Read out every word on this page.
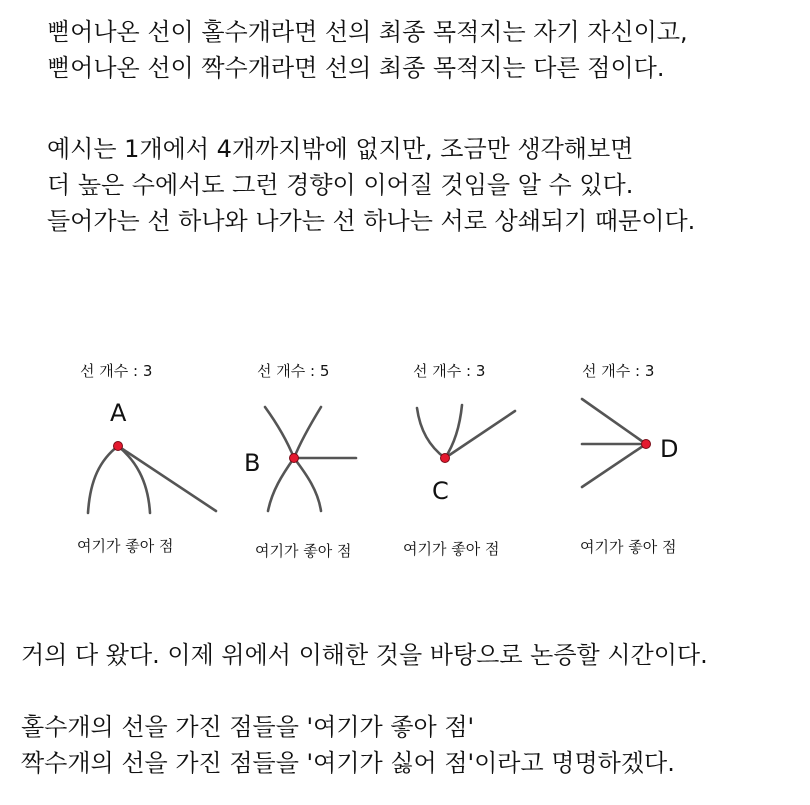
뻗어나온 선이 홀수개라면 선의 최종 목적지는 자기 자신이고,
뻗어나온 선이 짝수개라면 선의 최종 목적지는 다른 점이다.

예시는 1개에서 4개까지밖에 없지만, 조금만 생각해보면
더 높은 수에서도 그런 경향이 이어질 것임을 알 수 있다.
들어가는 선 하나와 나가는 선 하나는 서로 상쇄되기 때문이다.

선 개수 : 3
A
여기가 좋아 점
선 개수 : 5
B
여기가 좋아 점
선 개수 : 3
C
여기가 좋아 점
선 개수 : 3
D
여기가 좋아 점

거의 다 왔다. 이제 위에서 이해한 것을 바탕으로 논증할 시간이다.

홀수개의 선을 가진 점들을 '여기가 좋아 점'
짝수개의 선을 가진 점들을 '여기가 싫어 점'이라고 명명하겠다.
